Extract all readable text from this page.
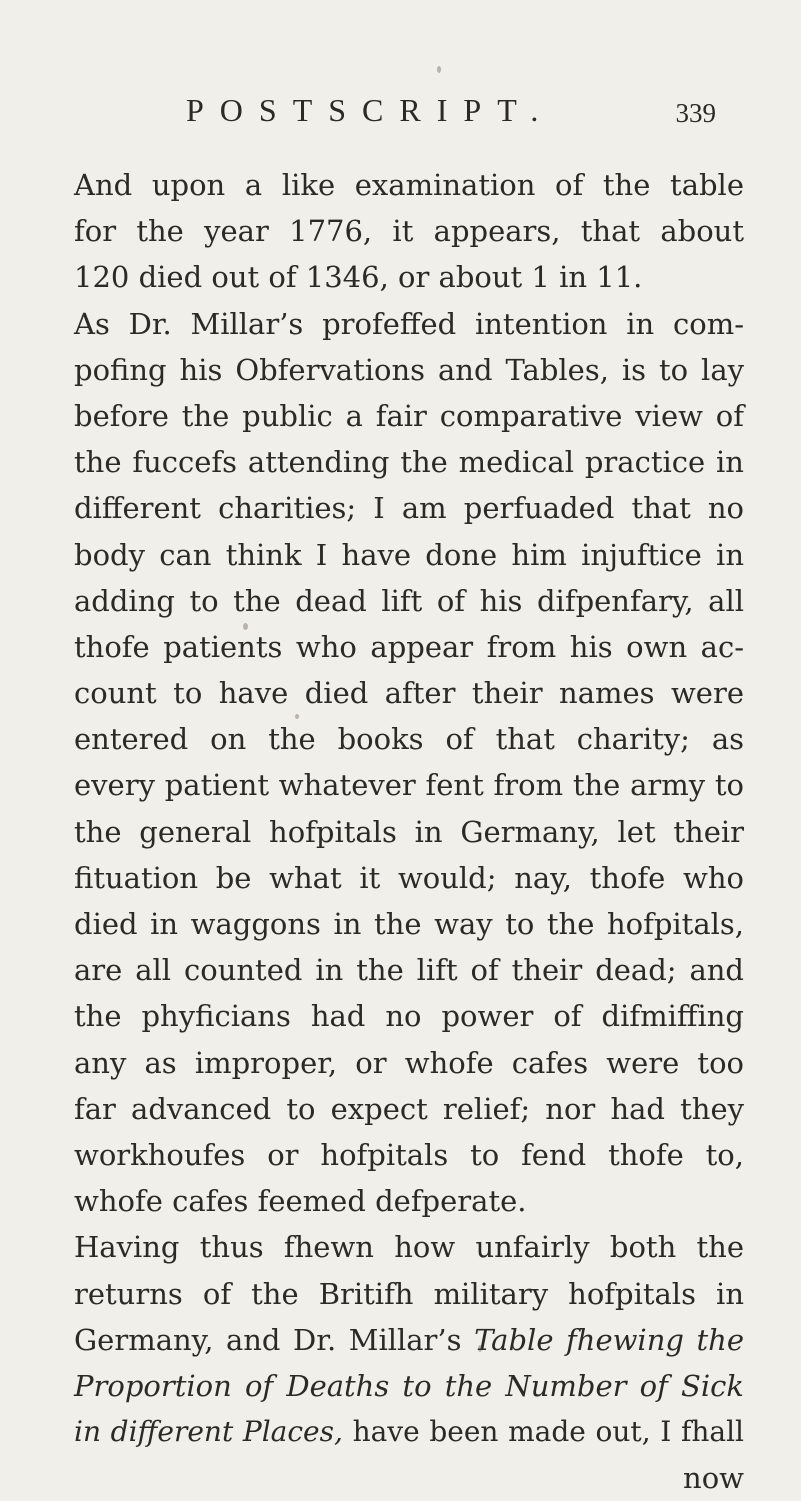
POSTSCRIPT.	339
And upon a like examination of the table
for the year 1776, it appears, that about
120 died out of 1346, or about 1 in 11.
As Dr. Millar’s profeffed intention in com-
pofing his Obfervations and Tables, is to lay
before the public a fair comparative view of
the fuccefs attending the medical practice in
different charities; I am perfuaded that no
body can think I have done him injuftice in
adding to the dead lift of his difpenfary, all
thofe patients who appear from his own ac-
count to have died after their names were
entered on the books of that charity; as
every patient whatever fent from the army to
the general hofpitals in Germany, let their
fituation be what it would; nay, thofe who
died in waggons in the way to the hofpitals,
are all counted in the lift of their dead; and
the phyficians had no power of difmiffing
any as improper, or whofe cafes were too
far advanced to expect relief; nor had they
workhoufes or hofpitals to fend thofe to,
whofe cafes feemed defperate.
Having thus fhewn how unfairly both the
returns of the Britifh military hofpitals in
Germany, and Dr. Millar’s Table fhewing the
Proportion of Deaths to the Number of Sick
in different Places, have been made out, I fhall
now
